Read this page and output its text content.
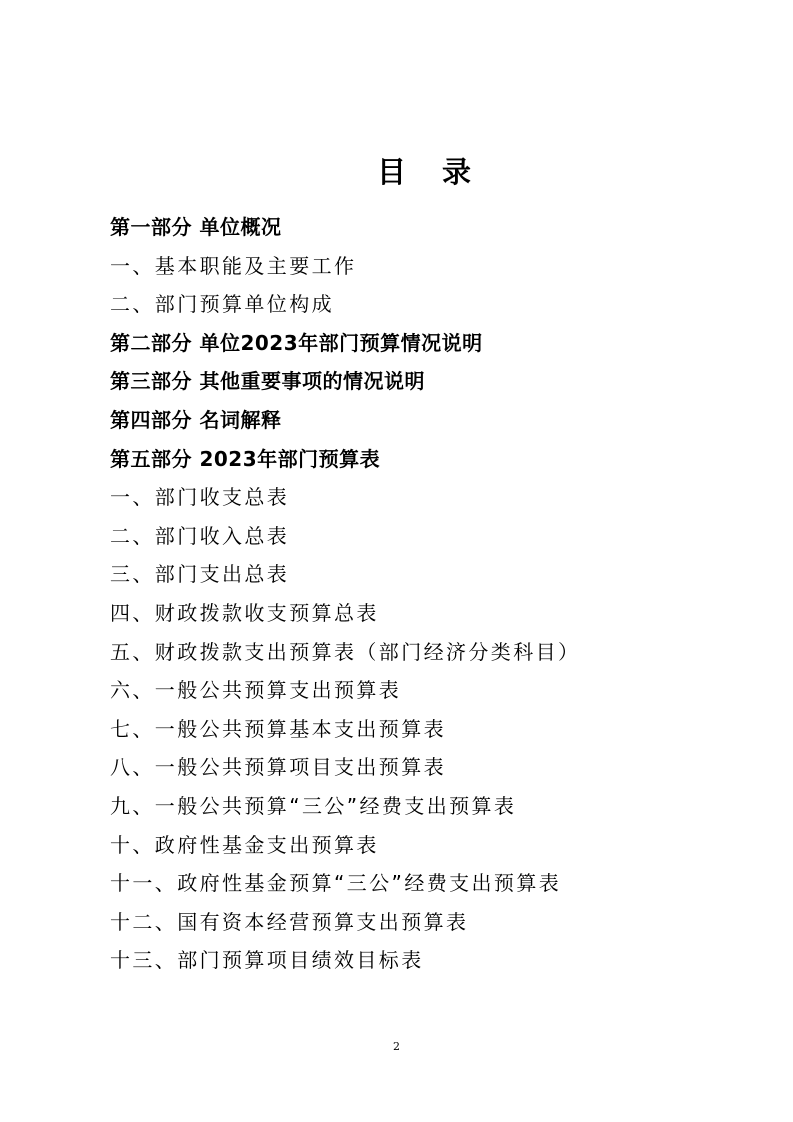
目录
第一部分 单位概况
一、基本职能及主要工作
二、部门预算单位构成
第二部分 单位2023年部门预算情况说明
第三部分 其他重要事项的情况说明
第四部分 名词解释
第五部分 2023年部门预算表
一、部门收支总表
二、部门收入总表
三、部门支出总表
四、财政拨款收支预算总表
五、财政拨款支出预算表（部门经济分类科目）
六、一般公共预算支出预算表
七、一般公共预算基本支出预算表
八、一般公共预算项目支出预算表
九、一般公共预算“三公”经费支出预算表
十、政府性基金支出预算表
十一、政府性基金预算“三公”经费支出预算表
十二、国有资本经营预算支出预算表
十三、部门预算项目绩效目标表
2
